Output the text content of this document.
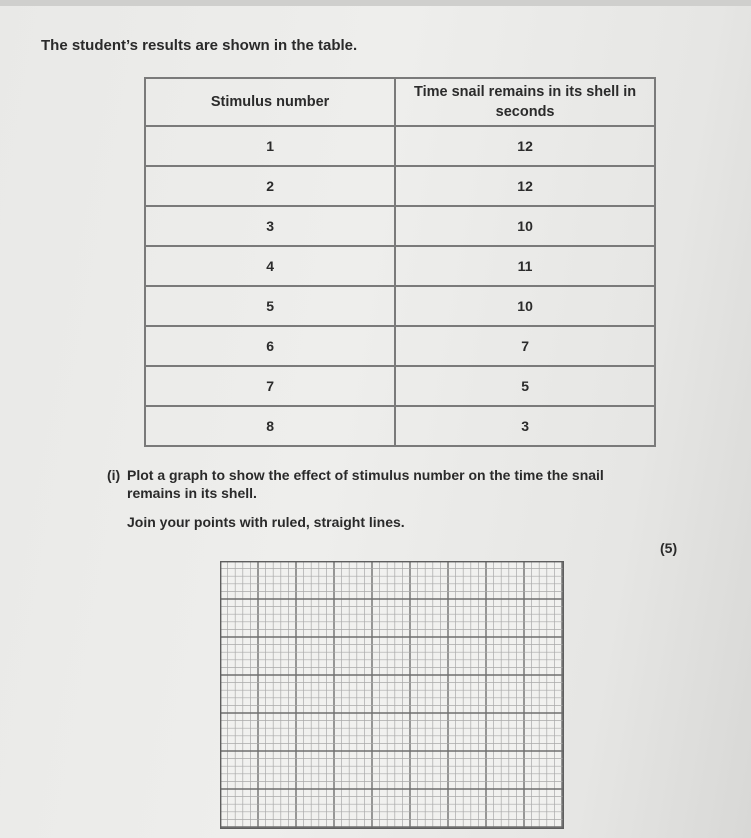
The student’s results are shown in the table.
Stimulus number	Time snail remains in its shell in seconds
1	12
2	12
3	10
4	11
5	10
6	7
7	5
8	3
(i) Plot a graph to show the effect of stimulus number on the time the snail
remains in its shell.
Join your points with ruled, straight lines.
(5)
